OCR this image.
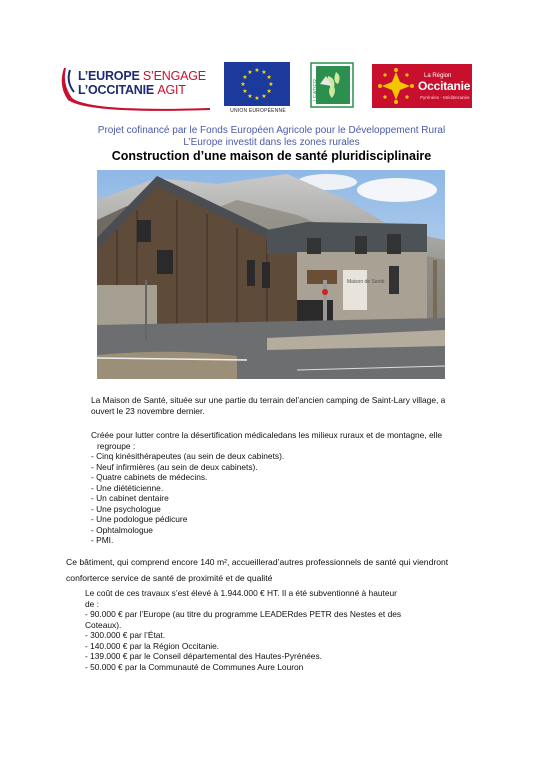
L’EUROPE S’ENGAGE
L’OCCITANIE AGIT	★
★
★
★
★
★
★
★
★ ★ ★
★
UNION EUROPÉENNE
LEADER
La Région
Occitanie
Pyrénées - Méditerranée
Projet cofinancé par le Fonds Européen Agricole pour le Développement Rural
L’Europe investit dans les zones rurales
Construction d’une maison de santé pluridisciplinaire
Maison de Santé
La Maison de Santé, située sur une partie du terrain del’ancien camping de Saint-Lary village, a
ouvert le 23 novembre dernier.
Créée pour lutter contre la désertification médicaledans les milieux ruraux et de montagne, elle
regroupe :
- Cinq kinésithérapeutes (au sein de deux cabinets).
- Neuf infirmières (au sein de deux cabinets).
- Quatre cabinets de médecins.
- Une diététicienne.
- Un cabinet dentaire
- Une psychologue
- Une podologue pédicure
- Ophtalmologue
- PMI.
Ce bâtiment, qui comprend encore 140 m², accueillerad’autres professionnels de santé qui viendront
conforterce service de santé de proximité et de qualité
Le coût de ces travaux s’est élevé à 1.944.000 € HT. Il a été subventionné à hauteur
de :
- 90.000 € par l’Europe (au titre du programme LEADERdes PETR des Nestes et des
Coteaux).
- 300.000 € par l’État.
- 140.000 € par la Région Occitanie.
- 139.000 € par le Conseil départemental des Hautes-Pyrénées.
- 50.000 € par la Communauté de Communes Aure Louron
